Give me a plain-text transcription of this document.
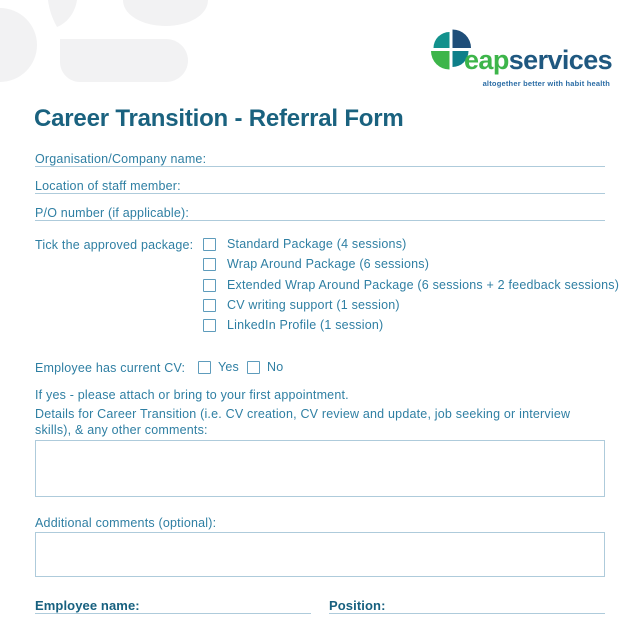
eapservices
altogether better with habit health
Career Transition - Referral Form
Organisation/Company name:
Location of staff member:
P/O number (if applicable):
Tick the approved package:	Standard Package (4 sessions)
Wrap Around Package (6 sessions)
Extended Wrap Around Package (6 sessions + 2 feedback sessions)
CV writing support (1 session)
LinkedIn Profile (1 session)
Employee has current CV:	Yes No
If yes - please attach or bring to your first appointment.
Details for Career Transition (i.e. CV creation, CV review and update, job seeking or interview skills), & any other comments:
Additional comments (optional):
Employee name:	Position:
